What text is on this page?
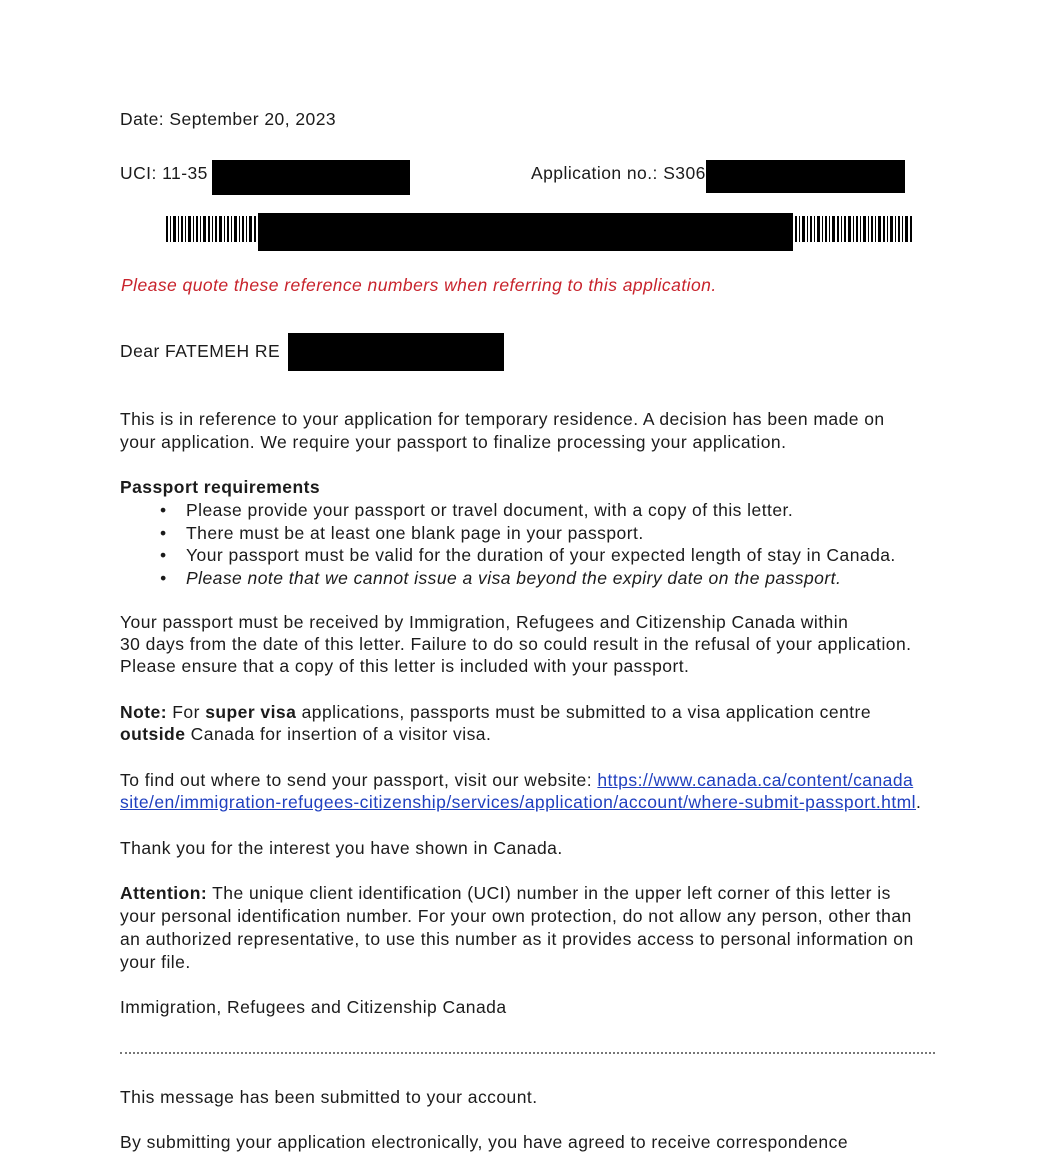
Date: September 20, 2023
UCI: 11-35	Application no.: S306
Please quote these reference numbers when referring to this application.
Dear FATEMEH RE
This is in reference to your application for temporary residence. A decision has been made on your application. We require your passport to finalize processing your application.
Passport requirements
• Please provide your passport or travel document, with a copy of this letter.
• There must be at least one blank page in your passport.
• Your passport must be valid for the duration of your expected length of stay in Canada.
• Please note that we cannot issue a visa beyond the expiry date on the passport.
Your passport must be received by Immigration, Refugees and Citizenship Canada within
30 days from the date of this letter. Failure to do so could result in the refusal of your application.
Please ensure that a copy of this letter is included with your passport.
Note: For super visa applications, passports must be submitted to a visa application centre
outside Canada for insertion of a visitor visa.
To find out where to send your passport, visit our website: https://www.canada.ca/content/canada
site/en/immigration-refugees-citizenship/services/application/account/where-submit-passport.html.
Thank you for the interest you have shown in Canada.
Attention: The unique client identification (UCI) number in the upper left corner of this letter is
your personal identification number. For your own protection, do not allow any person, other than
an authorized representative, to use this number as it provides access to personal information on
your file.
Immigration, Refugees and Citizenship Canada
This message has been submitted to your account.
By submitting your application electronically, you have agreed to receive correspondence
